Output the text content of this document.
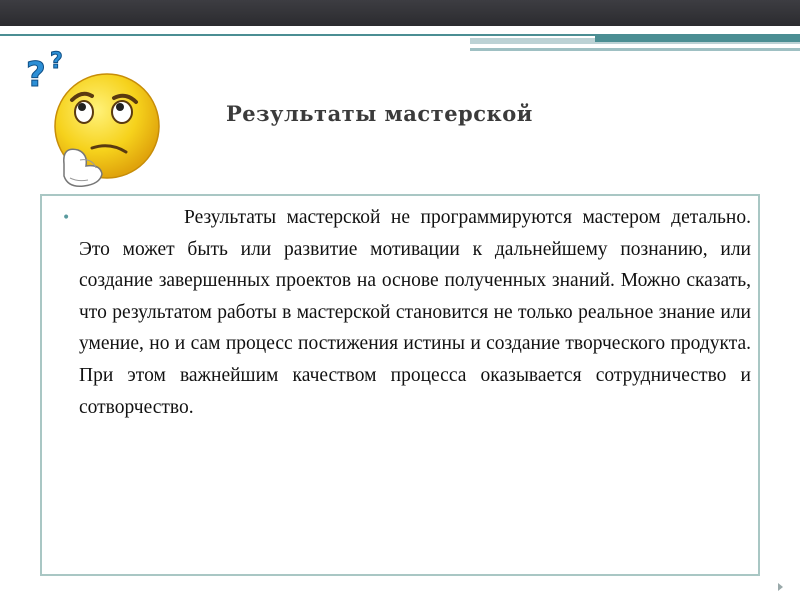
? ?
Результаты мастерской
•	Результаты мастерской не программируются мастером детально. Это может быть или развитие мотивации к дальнейшему познанию, или создание завершенных проектов на основе полученных знаний. Можно сказать, что результатом работы в мастерской становится не только реальное знание или умение, но и сам процесс постижения истины и создание творческого продукта. При этом важнейшим качеством процесса оказывается сотрудничество и сотворчество.
